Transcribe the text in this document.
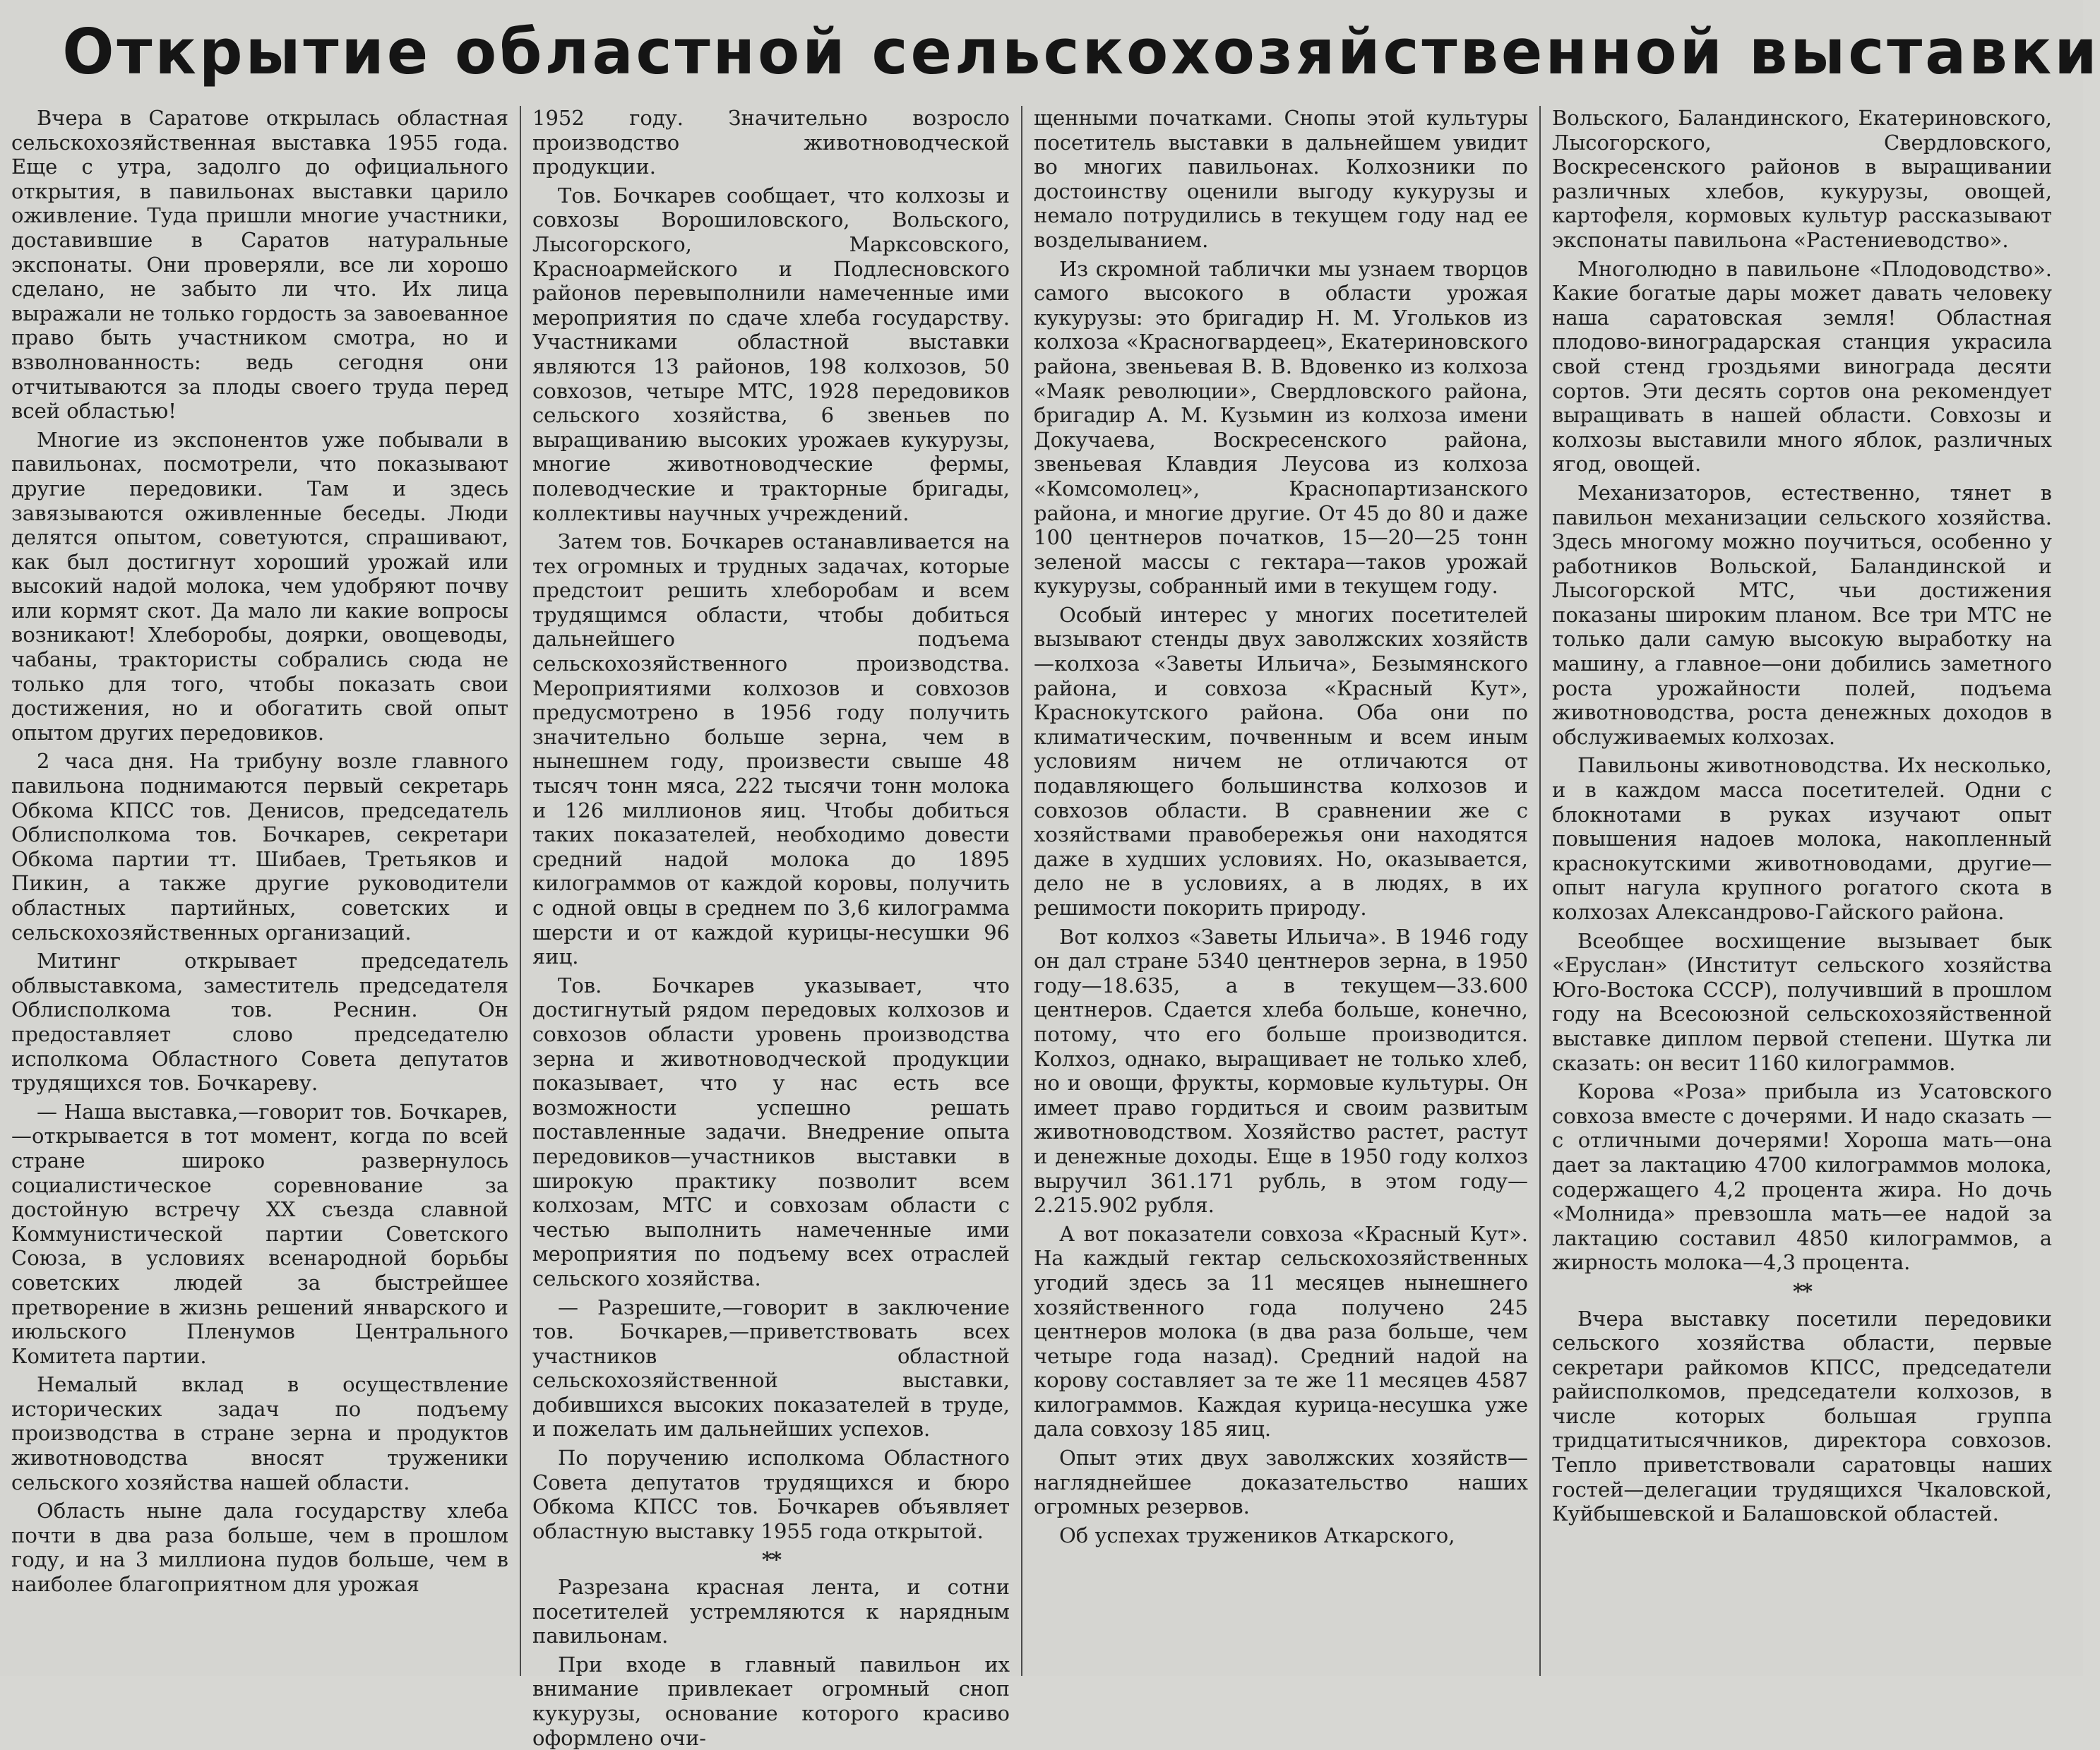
Открытие областной сельскохозяйственной выставки

Вчера в Саратове открылась областная сельскохозяйственная выставка 1955 года. Еще с утра, задолго до официального открытия, в павильонах выставки царило оживление. Туда пришли многие участники, доставившие в Саратов натуральные экспонаты. Они проверяли, все ли хорошо сделано, не забыто ли что. Их лица выражали не только гордость за завоеванное право быть участником смотра, но и взволнованность: ведь сегодня они отчитываются за плоды своего труда перед всей областью!

Многие из экспонентов уже побывали в павильонах, посмотрели, что показывают другие передовики. Там и здесь завязываются оживленные беседы. Люди делятся опытом, советуются, спрашивают, как был достигнут хороший урожай или высокий надой молока, чем удобряют почву или кормят скот. Да мало ли какие вопросы возникают! Хлеборобы, доярки, овощеводы, чабаны, трактористы собрались сюда не только для того, чтобы показать свои достижения, но и обогатить свой опыт опытом других передовиков.

2 часа дня. На трибуну возле главного павильона поднимаются первый секретарь Обкома КПСС тов. Денисов, председатель Облисполкома тов. Бочкарев, секретари Обкома партии тт. Шибаев, Третьяков и Пикин, а также другие руководители областных партийных, советских и сельскохозяйственных организаций.

Митинг открывает председатель облвыставкома, заместитель председателя Облисполкома тов. Реснин. Он предоставляет слово председателю исполкома Областного Совета депутатов трудящихся тов. Бочкареву.

— Наша выставка,—говорит тов. Бочкарев,—открывается в тот момент, когда по всей стране широко развернулось социалистическое соревнование за достойную встречу XX съезда славной Коммунистической партии Советского Союза, в условиях всенародной борьбы советских людей за быстрейшее претворение в жизнь решений январского и июльского Пленумов Центрального Комитета партии.

Немалый вклад в осуществление исторических задач по подъему производства в стране зерна и продуктов животноводства вносят труженики сельского хозяйства нашей области.

Область ныне дала государству хлеба почти в два раза больше, чем в прошлом году, и на 3 миллиона пудов больше, чем в наиболее благоприятном для урожая

1952 году. Значительно возросло производство животноводческой продукции.

Тов. Бочкарев сообщает, что колхозы и совхозы Ворошиловского, Вольского, Лысогорского, Марксовского, Красноармейского и Подлесновского районов перевыполнили намеченные ими мероприятия по сдаче хлеба государству. Участниками областной выставки являются 13 районов, 198 колхозов, 50 совхозов, четыре МТС, 1928 передовиков сельского хозяйства, 6 звеньев по выращиванию высоких урожаев кукурузы, многие животноводческие фермы, полеводческие и тракторные бригады, коллективы научных учреждений.

Затем тов. Бочкарев останавливается на тех огромных и трудных задачах, которые предстоит решить хлеборобам и всем трудящимся области, чтобы добиться дальнейшего подъема сельскохозяйственного производства. Мероприятиями колхозов и совхозов предусмотрено в 1956 году получить значительно больше зерна, чем в нынешнем году, произвести свыше 48 тысяч тонн мяса, 222 тысячи тонн молока и 126 миллионов яиц. Чтобы добиться таких показателей, необходимо довести средний надой молока до 1895 килограммов от каждой коровы, получить с одной овцы в среднем по 3,6 килограмма шерсти и от каждой курицы-несушки 96 яиц.

Тов. Бочкарев указывает, что достигнутый рядом передовых колхозов и совхозов области уровень производства зерна и животноводческой продукции показывает, что у нас есть все возможности успешно решать поставленные задачи. Внедрение опыта передовиков—участников выставки в широкую практику позволит всем колхозам, МТС и совхозам области с честью выполнить намеченные ими мероприятия по подъему всех отраслей сельского хозяйства.

— Разрешите,—говорит в заключение тов. Бочкарев,—приветствовать всех участников областной сельскохозяйственной выставки, добившихся высоких показателей в труде, и пожелать им дальнейших успехов.

По поручению исполкома Областного Совета депутатов трудящихся и бюро Обкома КПСС тов. Бочкарев объявляет областную выставку 1955 года открытой.

**

Разрезана красная лента, и сотни посетителей устремляются к нарядным павильонам.

При входе в главный павильон их внимание привлекает огромный сноп кукурузы, основание которого красиво оформлено очи-

щенными початками. Снопы этой культуры посетитель выставки в дальнейшем увидит во многих павильонах. Колхозники по достоинству оценили выгоду кукурузы и немало потрудились в текущем году над ее возделыванием.

Из скромной таблички мы узнаем творцов самого высокого в области урожая кукурузы: это бригадир Н. М. Угольков из колхоза «Красногвардеец», Екатериновского района, звеньевая В. В. Вдовенко из колхоза «Маяк революции», Свердловского района, бригадир А. М. Кузьмин из колхоза имени Докучаева, Воскресенского района, звеньевая Клавдия Леусова из колхоза «Комсомолец», Краснопартизанского района, и многие другие. От 45 до 80 и даже 100 центнеров початков, 15—20—25 тонн зеленой массы с гектара—таков урожай кукурузы, собранный ими в текущем году.

Особый интерес у многих посетителей вызывают стенды двух заволжских хозяйств—колхоза «Заветы Ильича», Безымянского района, и совхоза «Красный Кут», Краснокутского района. Оба они по климатическим, почвенным и всем иным условиям ничем не отличаются от подавляющего большинства колхозов и совхозов области. В сравнении же с хозяйствами правобережья они находятся даже в худших условиях. Но, оказывается, дело не в условиях, а в людях, в их решимости покорить природу.

Вот колхоз «Заветы Ильича». В 1946 году он дал стране 5340 центнеров зерна, в 1950 году—18.635, а в текущем—33.600 центнеров. Сдается хлеба больше, конечно, потому, что его больше производится. Колхоз, однако, выращивает не только хлеб, но и овощи, фрукты, кормовые культуры. Он имеет право гордиться и своим развитым животноводством. Хозяйство растет, растут и денежные доходы. Еще в 1950 году колхоз выручил 361.171 рубль, в этом году—2.215.902 рубля.

А вот показатели совхоза «Красный Кут». На каждый гектар сельскохозяйственных угодий здесь за 11 месяцев нынешнего хозяйственного года получено 245 центнеров молока (в два раза больше, чем четыре года назад). Средний надой на корову составляет за те же 11 месяцев 4587 килограммов. Каждая курица-несушка уже дала совхозу 185 яиц.

Опыт этих двух заволжских хозяйств—нагляднейшее доказательство наших огромных резервов.

Об успехах тружеников Аткарского,

Вольского, Баландинского, Екатериновского, Лысогорского, Свердловского, Воскресенского районов в выращивании различных хлебов, кукурузы, овощей, картофеля, кормовых культур рассказывают экспонаты павильона «Растениеводство».

Многолюдно в павильоне «Плодоводство». Какие богатые дары может давать человеку наша саратовская земля! Областная плодово-виноградарская станция украсила свой стенд гроздьями винограда десяти сортов. Эти десять сортов она рекомендует выращивать в нашей области. Совхозы и колхозы выставили много яблок, различных ягод, овощей.

Механизаторов, естественно, тянет в павильон механизации сельского хозяйства. Здесь многому можно поучиться, особенно у работников Вольской, Баландинской и Лысогорской МТС, чьи достижения показаны широким планом. Все три МТС не только дали самую высокую выработку на машину, а главное—они добились заметного роста урожайности полей, подъема животноводства, роста денежных доходов в обслуживаемых колхозах.

Павильоны животноводства. Их несколько, и в каждом масса посетителей. Одни с блокнотами в руках изучают опыт повышения надоев молока, накопленный краснокутскими животноводами, другие—опыт нагула крупного рогатого скота в колхозах Александрово-Гайского района.

Всеобщее восхищение вызывает бык «Еруслан» (Институт сельского хозяйства Юго-Востока СССР), получивший в прошлом году на Всесоюзной сельскохозяйственной выставке диплом первой степени. Шутка ли сказать: он весит 1160 килограммов.

Корова «Роза» прибыла из Усатовского совхоза вместе с дочерями. И надо сказать — с отличными дочерями! Хороша мать—она дает за лактацию 4700 килограммов молока, содержащего 4,2 процента жира. Но дочь «Молнида» превзошла мать—ее надой за лактацию составил 4850 килограммов, а жирность молока—4,3 процента.

**

Вчера выставку посетили передовики сельского хозяйства области, первые секретари райкомов КПСС, председатели райисполкомов, председатели колхозов, в числе которых большая группа тридцатитысячников, директора совхозов. Тепло приветствовали саратовцы наших гостей—делегации трудящихся Чкаловской, Куйбышевской и Балашовской областей.
